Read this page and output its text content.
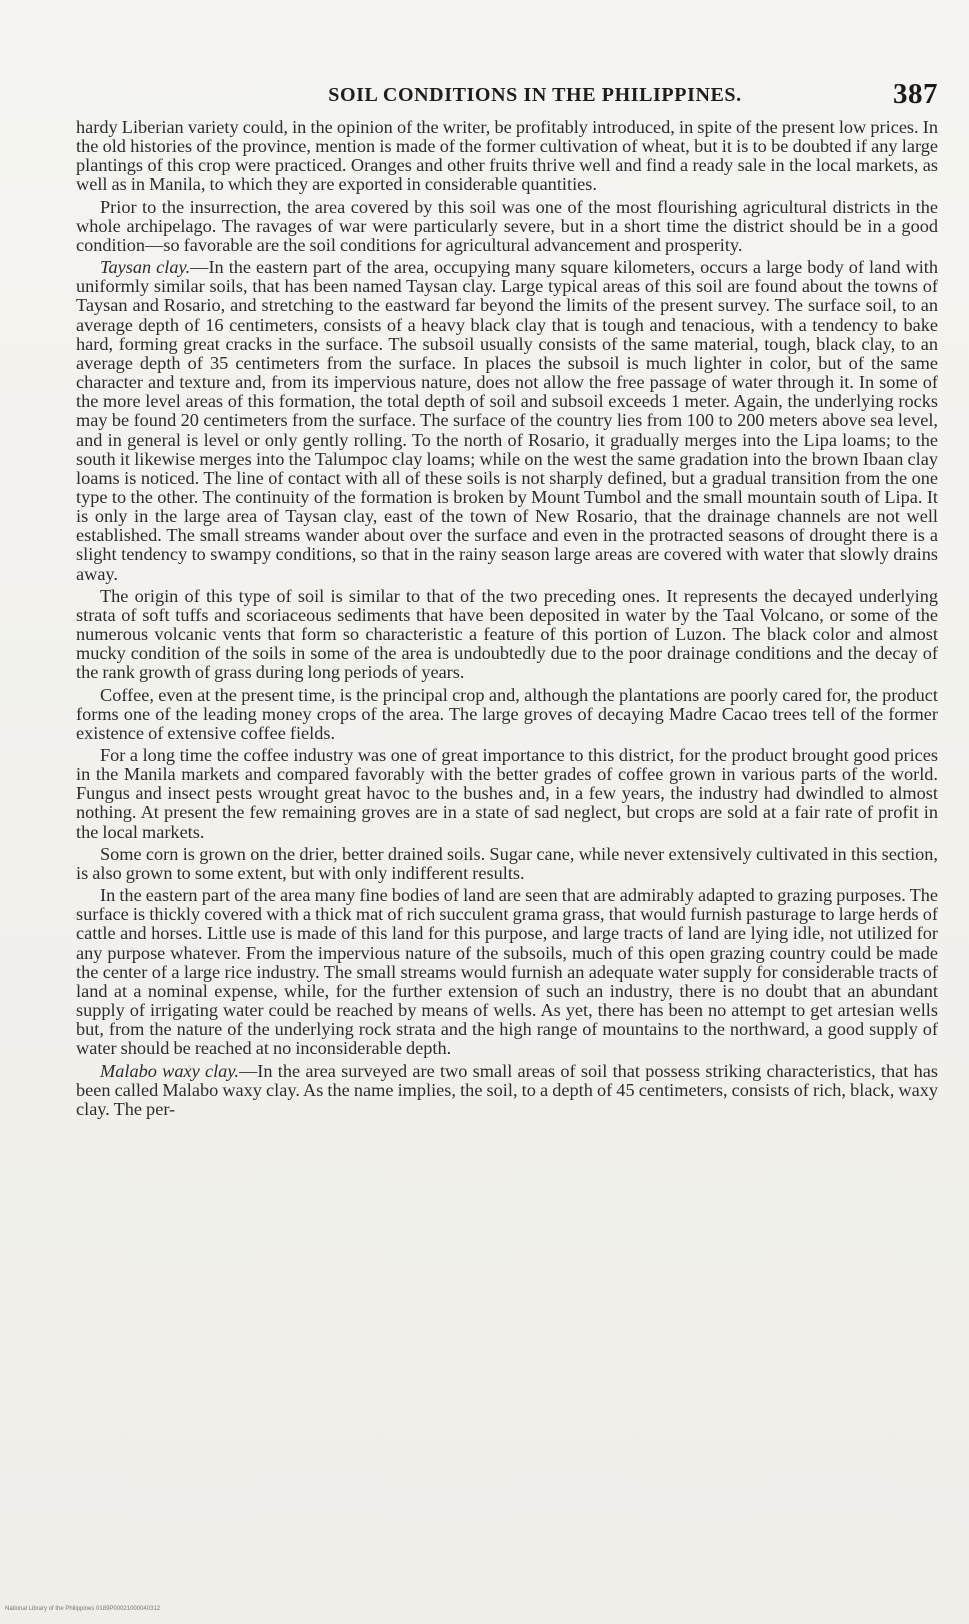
SOIL CONDITIONS IN THE PHILIPPINES.	387

hardy Liberian variety could, in the opinion of the writer, be profitably introduced, in spite of the present low prices. In the old histories of the province, mention is made of the former cultivation of wheat, but it is to be doubted if any large plantings of this crop were practiced. Oranges and other fruits thrive well and find a ready sale in the local markets, as well as in Manila, to which they are exported in considerable quantities.

Prior to the insurrection, the area covered by this soil was one of the most flourishing agricultural districts in the whole archipelago. The ravages of war were particularly severe, but in a short time the district should be in a good condition—so favorable are the soil conditions for agricultural advancement and prosperity.

Taysan clay.—In the eastern part of the area, occupying many square kilometers, occurs a large body of land with uniformly similar soils, that has been named Taysan clay. Large typical areas of this soil are found about the towns of Taysan and Rosario, and stretching to the eastward far beyond the limits of the present survey. The surface soil, to an average depth of 16 centimeters, consists of a heavy black clay that is tough and tenacious, with a tendency to bake hard, forming great cracks in the surface. The subsoil usually consists of the same material, tough, black clay, to an average depth of 35 centimeters from the surface. In places the subsoil is much lighter in color, but of the same character and texture and, from its impervious nature, does not allow the free passage of water through it. In some of the more level areas of this formation, the total depth of soil and subsoil exceeds 1 meter. Again, the underlying rocks may be found 20 centimeters from the surface. The surface of the country lies from 100 to 200 meters above sea level, and in general is level or only gently rolling. To the north of Rosario, it gradually merges into the Lipa loams; to the south it likewise merges into the Talumpoc clay loams; while on the west the same gradation into the brown Ibaan clay loams is noticed. The line of contact with all of these soils is not sharply defined, but a gradual transition from the one type to the other. The continuity of the formation is broken by Mount Tumbol and the small mountain south of Lipa. It is only in the large area of Taysan clay, east of the town of New Rosario, that the drainage channels are not well established. The small streams wander about over the surface and even in the protracted seasons of drought there is a slight tendency to swampy conditions, so that in the rainy season large areas are covered with water that slowly drains away.

The origin of this type of soil is similar to that of the two preceding ones. It represents the decayed underlying strata of soft tuffs and scoriaceous sediments that have been deposited in water by the Taal Volcano, or some of the numerous volcanic vents that form so characteristic a feature of this portion of Luzon. The black color and almost mucky condition of the soils in some of the area is undoubtedly due to the poor drainage conditions and the decay of the rank growth of grass during long periods of years.

Coffee, even at the present time, is the principal crop and, although the plantations are poorly cared for, the product forms one of the leading money crops of the area. The large groves of decaying Madre Cacao trees tell of the former existence of extensive coffee fields.

For a long time the coffee industry was one of great importance to this district, for the product brought good prices in the Manila markets and compared favorably with the better grades of coffee grown in various parts of the world. Fungus and insect pests wrought great havoc to the bushes and, in a few years, the industry had dwindled to almost nothing. At present the few remaining groves are in a state of sad neglect, but crops are sold at a fair rate of profit in the local markets.

Some corn is grown on the drier, better drained soils. Sugar cane, while never extensively cultivated in this section, is also grown to some extent, but with only indifferent results.

In the eastern part of the area many fine bodies of land are seen that are admirably adapted to grazing purposes. The surface is thickly covered with a thick mat of rich succulent grama grass, that would furnish pasturage to large herds of cattle and horses. Little use is made of this land for this purpose, and large tracts of land are lying idle, not utilized for any purpose whatever. From the impervious nature of the subsoils, much of this open grazing country could be made the center of a large rice industry. The small streams would furnish an adequate water supply for considerable tracts of land at a nominal expense, while, for the further extension of such an industry, there is no doubt that an abundant supply of irrigating water could be reached by means of wells. As yet, there has been no attempt to get artesian wells but, from the nature of the underlying rock strata and the high range of mountains to the northward, a good supply of water should be reached at no inconsiderable depth.

Malabo waxy clay.—In the area surveyed are two small areas of soil that possess striking characteristics, that has been called Malabo waxy clay. As the name implies, the soil, to a depth of 45 centimeters, consists of rich, black, waxy clay. The per-

National Library of the Philippines 0189P00021000040312
